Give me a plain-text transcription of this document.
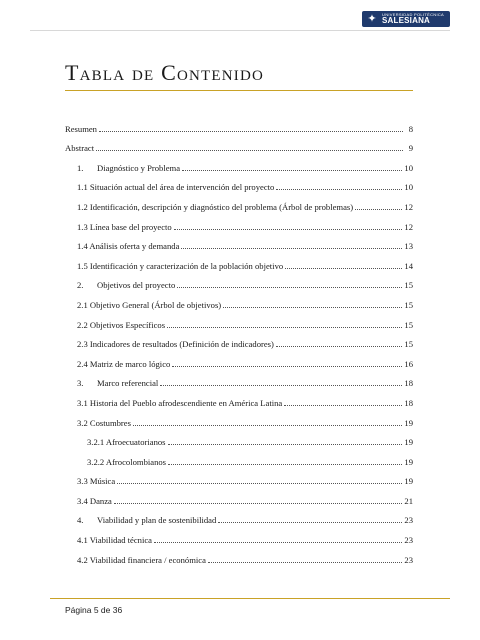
✦	UNIVERSIDAD POLITÉCNICA
SALESIANA
Tabla de Contenido
Resumen	8
Abstract	9
1. Diagnóstico y Problema	10
1.1 Situación actual del área de intervención del proyecto	10
1.2 Identificación, descripción y diagnóstico del problema (Árbol de problemas)	12
1.3 Línea base del proyecto	12
1.4 Análisis oferta y demanda	13
1.5 Identificación y caracterización de la población objetivo	14
2. Objetivos del proyecto	15
2.1 Objetivo General (Árbol de objetivos)	15
2.2 Objetivos Específicos	15
2.3 Indicadores de resultados (Definición de indicadores)	15
2.4 Matriz de marco lógico	16
3. Marco referencial	18
3.1 Historia del Pueblo afrodescendiente en América Latina	18
3.2 Costumbres	19
3.2.1 Afroecuatorianos	19
3.2.2 Afrocolombianos	19
3.3 Música	19
3.4 Danza	21
4. Viabilidad y plan de sostenibilidad	23
4.1 Viabilidad técnica	23
4.2 Viabilidad financiera / económica	23
Página 5 de 36
